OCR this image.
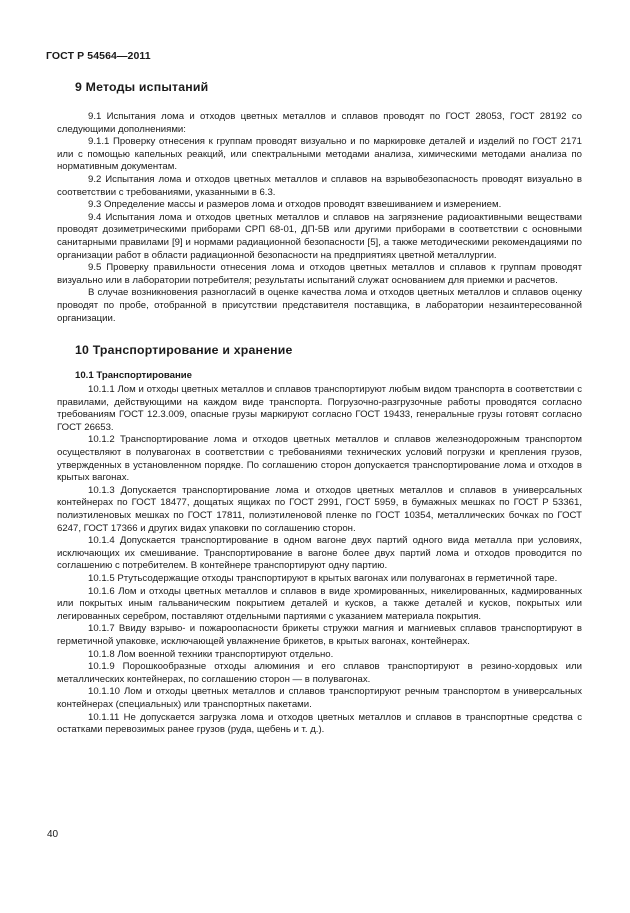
ГОСТ Р 54564—2011
9 Методы испытаний

9.1 Испытания лома и отходов цветных металлов и сплавов проводят по ГОСТ 28053, ГОСТ 28192 со следующими дополнениями:

9.1.1 Проверку отнесения к группам проводят визуально и по маркировке деталей и изделий по ГОСТ 2171 или с помощью капельных реакций, или спектральными методами анализа, химическими методами анализа по нормативным документам.

9.2 Испытания лома и отходов цветных металлов и сплавов на взрывобезопасность проводят визуально в соответствии с требованиями, указанными в 6.3.

9.3 Определение массы и размеров лома и отходов проводят взвешиванием и измерением.

9.4 Испытания лома и отходов цветных металлов и сплавов на загрязнение радиоактивными веществами проводят дозиметрическими приборами СРП 68-01, ДП-5В или другими приборами в соответствии с основными санитарными правилами [9] и нормами радиационной безопасности [5], а также методическими рекомендациями по организации работ в области радиационной безопасности на предприятиях цветной металлургии.

9.5 Проверку правильности отнесения лома и отходов цветных металлов и сплавов к группам проводят визуально или в лаборатории потребителя; результаты испытаний служат основанием для приемки и расчетов.

В случае возникновения разногласий в оценке качества лома и отходов цветных металлов и сплавов оценку проводят по пробе, отобранной в присутствии представителя поставщика, в лаборатории незаинтересованной организации.

10 Транспортирование и хранение
10.1 Транспортирование

10.1.1 Лом и отходы цветных металлов и сплавов транспортируют любым видом транспорта в соответствии с правилами, действующими на каждом виде транспорта. Погрузочно-разгрузочные работы проводятся согласно требованиям ГОСТ 12.3.009, опасные грузы маркируют согласно ГОСТ 19433, генеральные грузы готовят согласно ГОСТ 26653.

10.1.2 Транспортирование лома и отходов цветных металлов и сплавов железнодорожным транспортом осуществляют в полувагонах в соответствии с требованиями технических условий погрузки и крепления грузов, утвержденных в установленном порядке. По соглашению сторон допускается транспортирование лома и отходов в крытых вагонах.

10.1.3 Допускается транспортирование лома и отходов цветных металлов и сплавов в универсальных контейнерах по ГОСТ 18477, дощатых ящиках по ГОСТ 2991, ГОСТ 5959, в бумажных мешках по ГОСТ Р 53361, полиэтиленовых мешках по ГОСТ 17811, полиэтиленовой пленке по ГОСТ 10354, металлических бочках по ГОСТ 6247, ГОСТ 17366 и других видах упаковки по соглашению сторон.

10.1.4 Допускается транспортирование в одном вагоне двух партий одного вида металла при условиях, исключающих их смешивание. Транспортирование в вагоне более двух партий лома и отходов проводится по соглашению с потребителем. В контейнере транспортируют одну партию.

10.1.5 Ртутьсодержащие отходы транспортируют в крытых вагонах или полувагонах в герметичной таре.

10.1.6 Лом и отходы цветных металлов и сплавов в виде хромированных, никелированных, кадмированных или покрытых иным гальваническим покрытием деталей и кусков, а также деталей и кусков, покрытых или легированных серебром, поставляют отдельными партиями с указанием материала покрытия.

10.1.7 Ввиду взрыво- и пожароопасности брикеты стружки магния и магниевых сплавов транспортируют в герметичной упаковке, исключающей увлажнение брикетов, в крытых вагонах, контейнерах.

10.1.8 Лом военной техники транспортируют отдельно.

10.1.9 Порошкообразные отходы алюминия и его сплавов транспортируют в резино-хордовых или металлических контейнерах, по соглашению сторон — в полувагонах.

10.1.10 Лом и отходы цветных металлов и сплавов транспортируют речным транспортом в универсальных контейнерах (специальных) или транспортных пакетами.

10.1.11 Не допускается загрузка лома и отходов цветных металлов и сплавов в транспортные средства с остатками перевозимых ранее грузов (руда, щебень и т. д.).

40
